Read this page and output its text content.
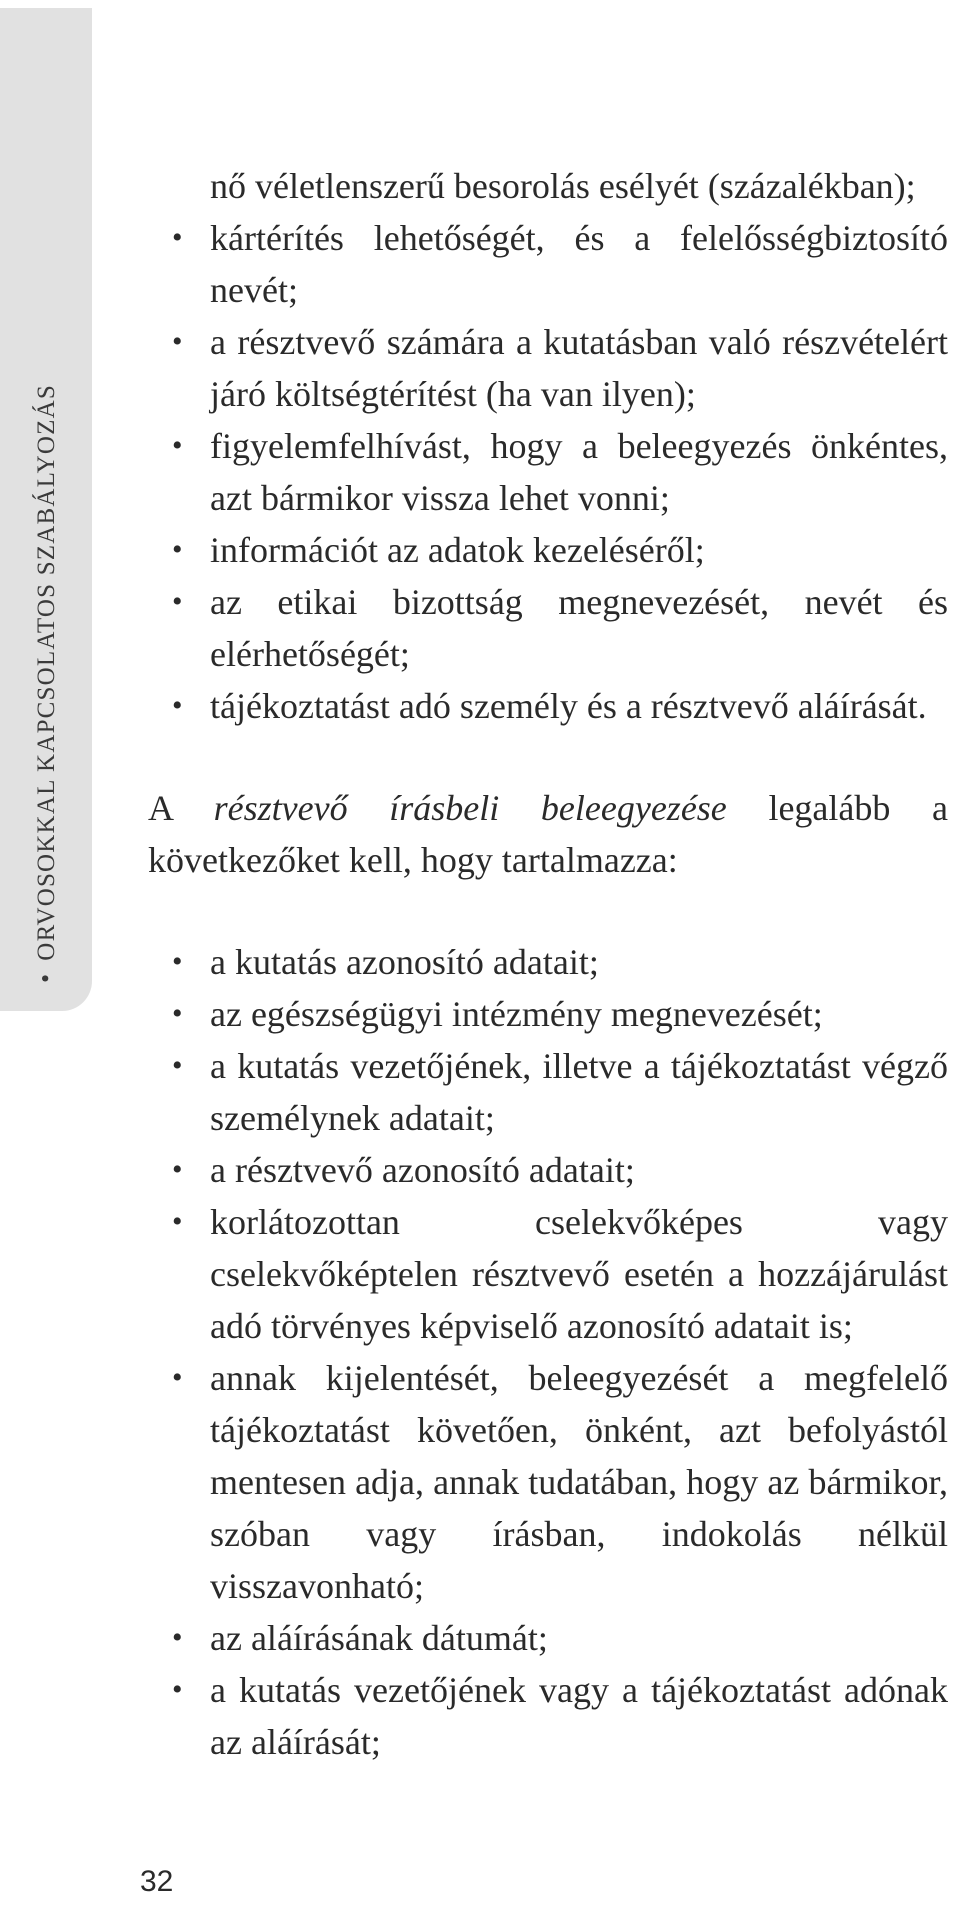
•ORVOSOKKAL KAPCSOLATOS SZABÁLYOZÁS

nő véletlenszerű besorolás esélyét (százalékban);

• kártérítés lehetőségét, és a felelősségbiztosító nevét;
• a résztvevő számára a kutatásban való részvételért járó költségtérítést (ha van ilyen);
• figyelemfelhívást, hogy a beleegyezés önkéntes, azt bármikor vissza lehet vonni;
• információt az adatok kezeléséről;
• az etikai bizottság megnevezését, nevét és elérhetőségét;
• tájékoztatást adó személy és a résztvevő aláírását.

A résztvevő írásbeli beleegyezése legalább a következőket kell, hogy tartalmazza:

• a kutatás azonosító adatait;
• az egészségügyi intézmény megnevezését;
• a kutatás vezetőjének, illetve a tájékoztatást végző személynek adatait;
• a résztvevő azonosító adatait;
• korlátozottan cselekvőképes vagy cselekvőképtelen résztvevő esetén a hozzájárulást adó törvényes képviselő azonosító adatait is;
• annak kijelentését, beleegyezését a megfelelő tájékoztatást követően, önként, azt befolyástól mentesen adja, annak tudatában, hogy az bármikor, szóban vagy írásban, indokolás nélkül visszavonható;
• az aláírásának dátumát;
• a kutatás vezetőjének vagy a tájékoztatást adónak az aláírását;
32
